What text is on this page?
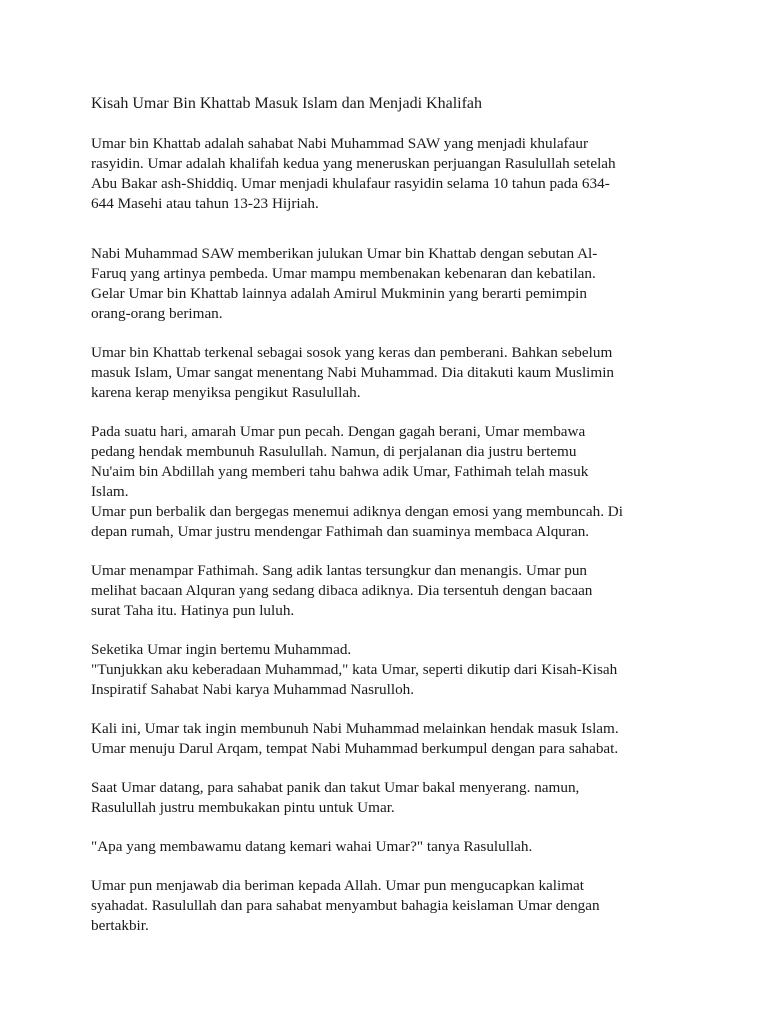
Kisah Umar Bin Khattab Masuk Islam dan Menjadi Khalifah

Umar bin Khattab adalah sahabat Nabi Muhammad SAW yang menjadi khulafaur
rasyidin. Umar adalah khalifah kedua yang meneruskan perjuangan Rasulullah setelah
Abu Bakar ash-Shiddiq. Umar menjadi khulafaur rasyidin selama 10 tahun pada 634-
644 Masehi atau tahun 13-23 Hijriah.

Nabi Muhammad SAW memberikan julukan Umar bin Khattab dengan sebutan Al-
Faruq yang artinya pembeda. Umar mampu membenakan kebenaran dan kebatilan.
Gelar Umar bin Khattab lainnya adalah Amirul Mukminin yang berarti pemimpin
orang-orang beriman.

Umar bin Khattab terkenal sebagai sosok yang keras dan pemberani. Bahkan sebelum
masuk Islam, Umar sangat menentang Nabi Muhammad. Dia ditakuti kaum Muslimin
karena kerap menyiksa pengikut Rasulullah.

Pada suatu hari, amarah Umar pun pecah. Dengan gagah berani, Umar membawa
pedang hendak membunuh Rasulullah. Namun, di perjalanan dia justru bertemu
Nu'aim bin Abdillah yang memberi tahu bahwa adik Umar, Fathimah telah masuk
Islam.
Umar pun berbalik dan bergegas menemui adiknya dengan emosi yang membuncah. Di
depan rumah, Umar justru mendengar Fathimah dan suaminya membaca Alquran.

Umar menampar Fathimah. Sang adik lantas tersungkur dan menangis. Umar pun
melihat bacaan Alquran yang sedang dibaca adiknya. Dia tersentuh dengan bacaan
surat Taha itu. Hatinya pun luluh.

Seketika Umar ingin bertemu Muhammad.
"Tunjukkan aku keberadaan Muhammad," kata Umar, seperti dikutip dari Kisah-Kisah
Inspiratif Sahabat Nabi karya Muhammad Nasrulloh.

Kali ini, Umar tak ingin membunuh Nabi Muhammad melainkan hendak masuk Islam.
Umar menuju Darul Arqam, tempat Nabi Muhammad berkumpul dengan para sahabat.

Saat Umar datang, para sahabat panik dan takut Umar bakal menyerang. namun,
Rasulullah justru membukakan pintu untuk Umar.

"Apa yang membawamu datang kemari wahai Umar?" tanya Rasulullah.

Umar pun menjawab dia beriman kepada Allah. Umar pun mengucapkan kalimat
syahadat. Rasulullah dan para sahabat menyambut bahagia keislaman Umar dengan
bertakbir.
